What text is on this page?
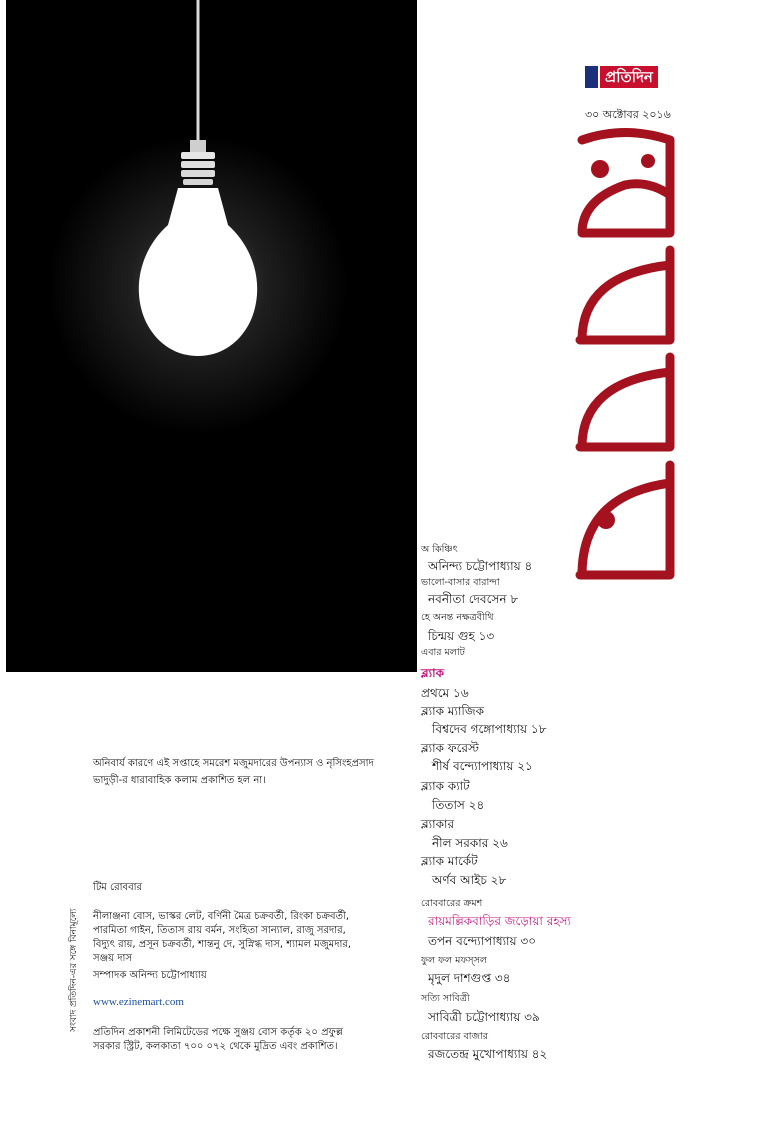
প্রতিদিন
৩০ অক্টোবর ২০১৬
অ কিঞ্চিৎ
অনিন্দ্য চট্টোপাধ্যায় ৪
ভালো-বাসার বারান্দা
নবনীতা দেবসেন ৮
হে অনন্ত নক্ষত্রবীথি
চিন্ময় গুহ ১৩
এবার মলাট
ব্ল্যাক
প্রথমে ১৬
ব্ল্যাক ম্যাজিক
বিশ্বদেব গঙ্গোপাধ্যায় ১৮
ব্ল্যাক ফরেস্ট
শীর্ষ বন্দ্যোপাধ্যায় ২১
ব্ল্যাক ক্যাট
তিতাস ২৪
ব্ল্যাকার
নীল সরকার ২৬
ব্ল্যাক মার্কেট
অর্ণব আইচ ২৮
রোববারের ক্রমশ
রায়মল্লিকবাড়ির জড়োয়া রহস্য
তপন বন্দ্যোপাধ্যায় ৩০
ফুল ফল মফস্সল
মৃদুল দাশগুপ্ত ৩৪
সত্যি সাবিত্রী
সাবিত্রী চট্টোপাধ্যায় ৩৯
রোববারের বাজার
রজতেন্দ্র মুখোপাধ্যায় ৪২
অনিবার্য কারণে এই সপ্তাহে সমরেশ মজুমদারের উপন্যাস ও নৃসিংহপ্রসাদ ভাদুড়ী-র ধারাবাহিক কলাম প্রকাশিত হল না।
টিম রোববার
নীলাঞ্জনা বোস, ভাস্কর লেট, বর্ণিনী মৈত্র চক্রবর্তী, রিংকা চক্রবর্তী, পারমিতা গাইন, তিতাস রায় বর্মন, সংহিতা সান্যাল, রাজু সরদার, বিদ্যুৎ রায়, প্রসূন চক্রবর্তী, শান্তনু দে, সুস্নিগ্ধ দাস, শ্যামল মজুমদার, সঞ্জয় দাস
সম্পাদক অনিন্দ্য চট্টোপাধ্যায়
www.ezinemart.com
প্রতিদিন প্রকাশনী লিমিটেডের পক্ষে সুঞ্জয় বোস কর্তৃক ২০ প্রফুল্ল সরকার স্ট্রিট, কলকাতা ৭০০ ০৭২ থেকে মুদ্রিত এবং প্রকাশিত।
সংবাদ প্রতিদিন-এর সঙ্গে বিনামূল্যে
